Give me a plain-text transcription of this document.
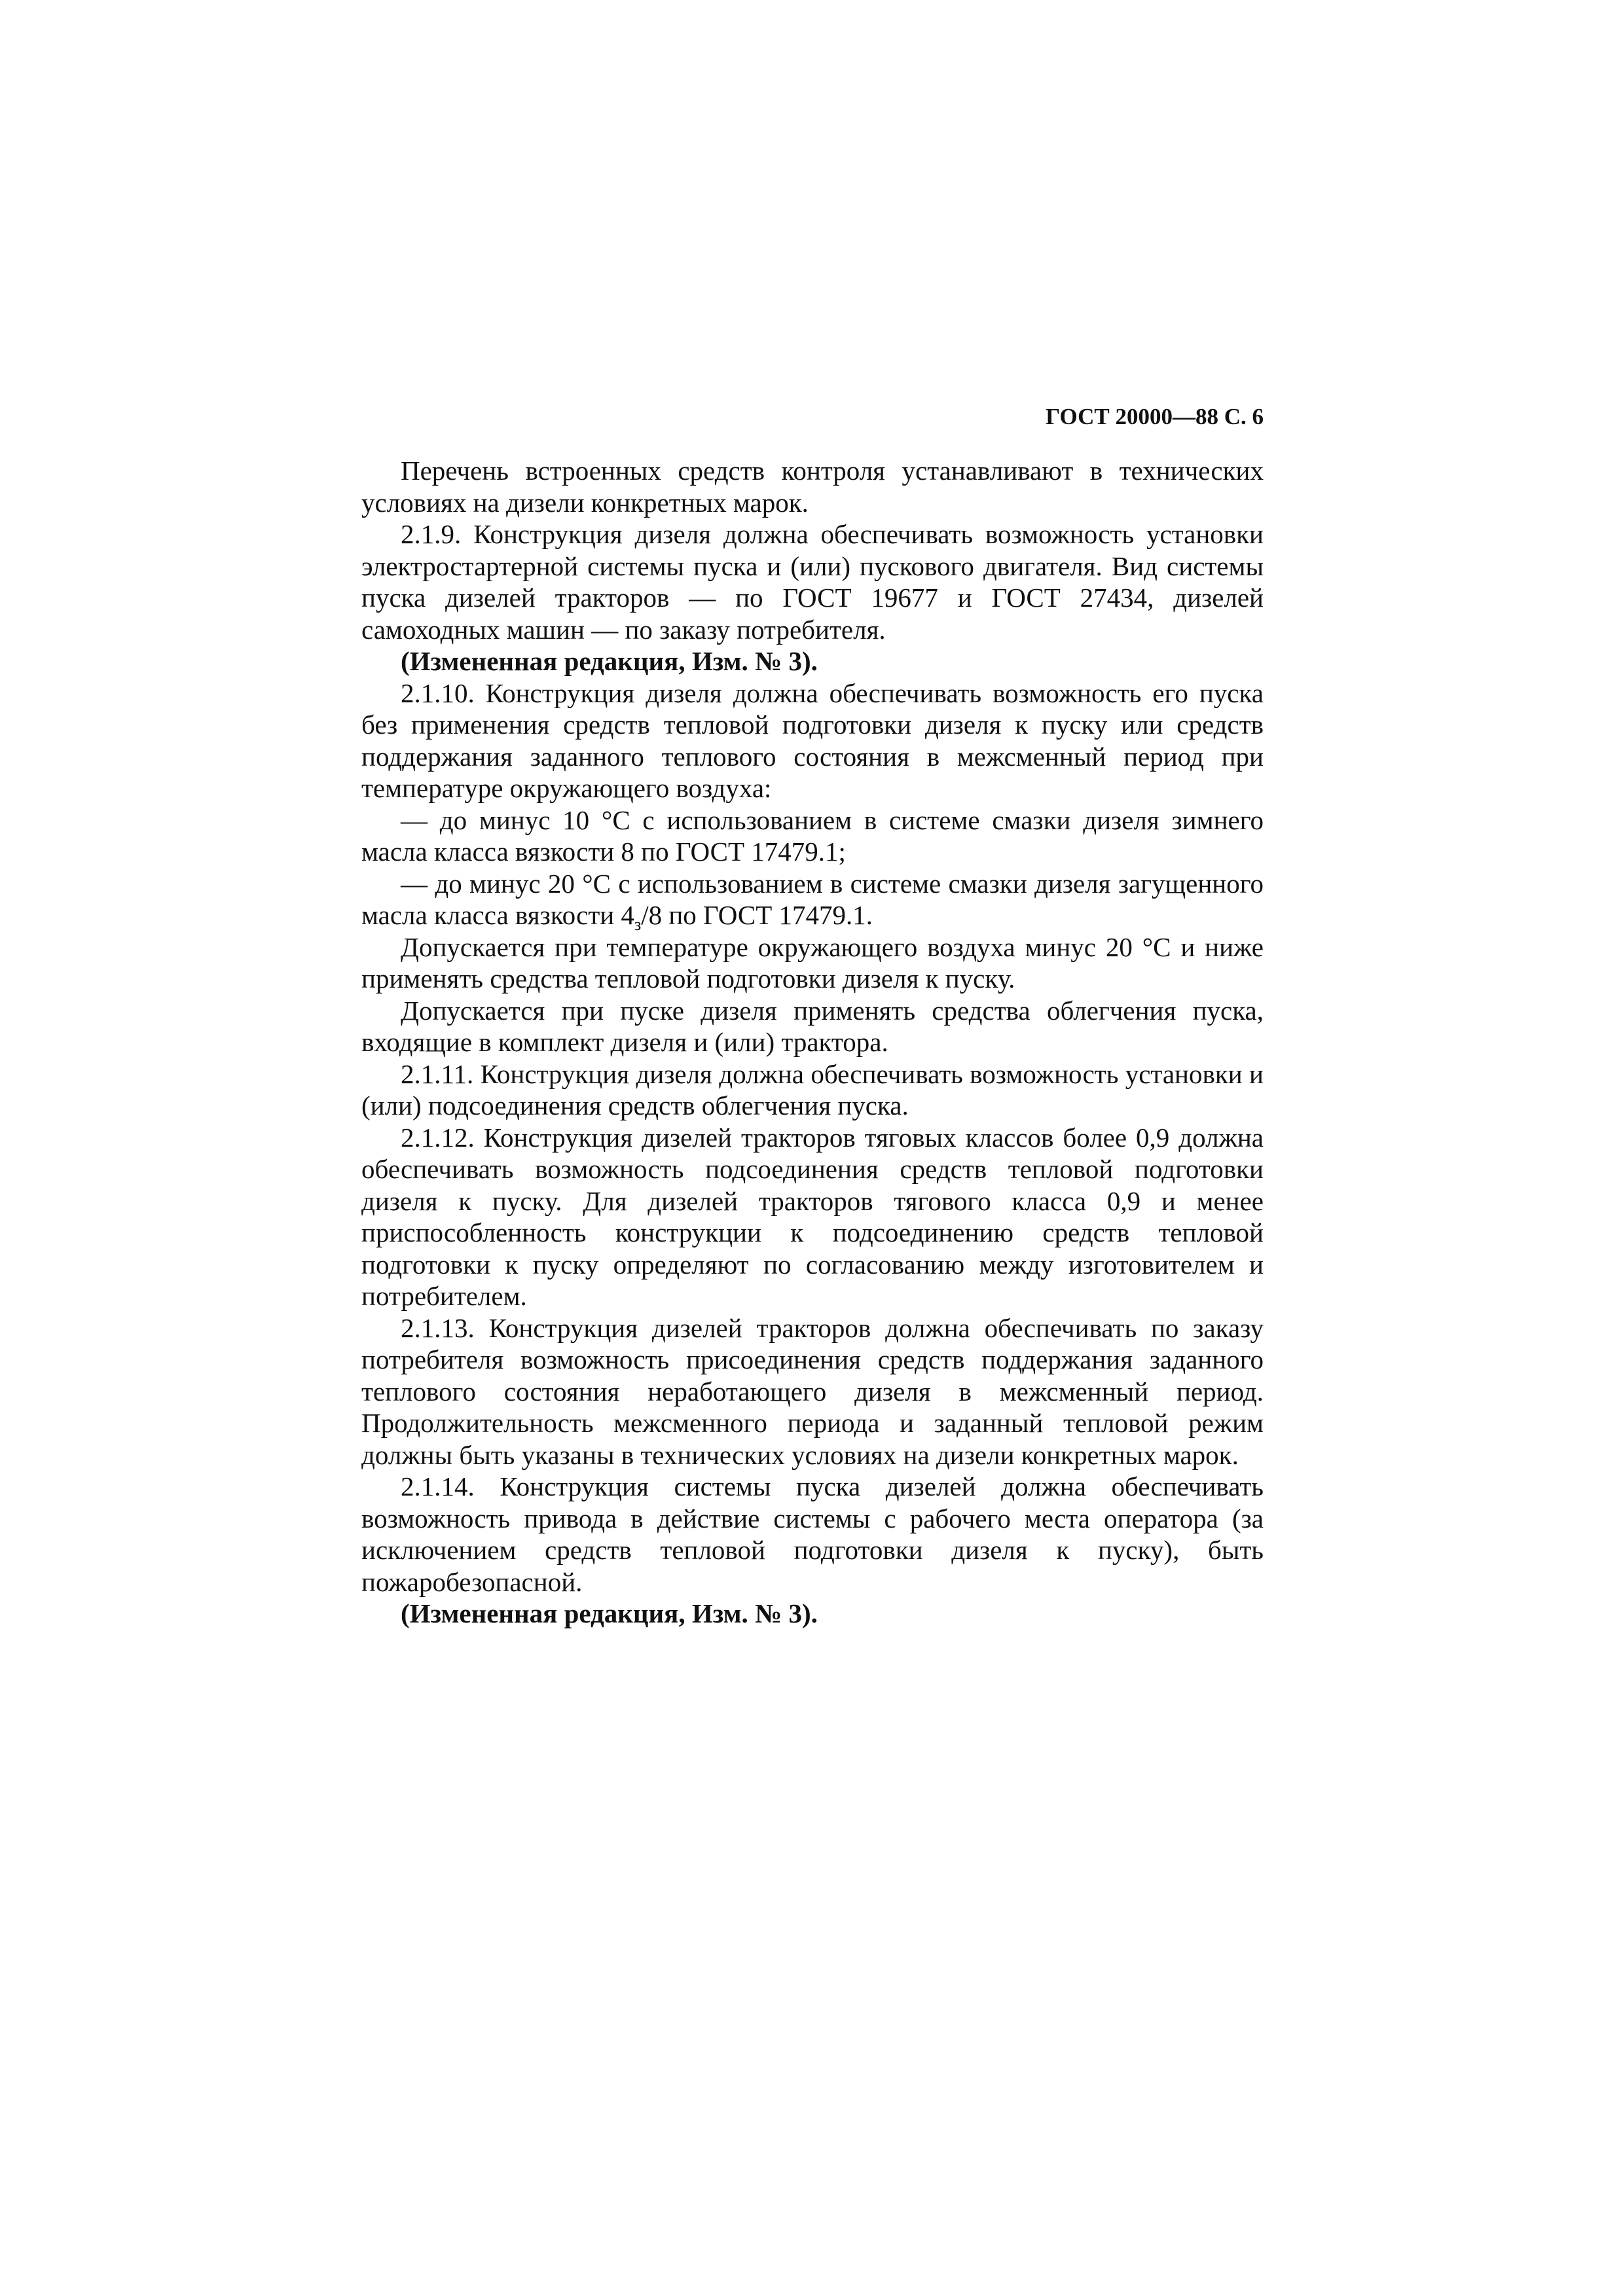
ГОСТ 20000—88 С. 6

Перечень встроенных средств контроля устанавливают в технических условиях на дизели конкретных марок.

2.1.9. Конструкция дизеля должна обеспечивать возможность установки электростартерной системы пуска и (или) пускового двигателя. Вид системы пуска дизелей тракторов — по ГОСТ 19677 и ГОСТ 27434, дизелей самоходных машин — по заказу потребителя.

(Измененная редакция, Изм. № 3).

2.1.10. Конструкция дизеля должна обеспечивать возможность его пуска без применения средств тепловой подготовки дизеля к пуску или средств поддержания заданного теплового состояния в межсменный период при температуре окружающего воздуха:

— до минус 10 °С с использованием в системе смазки дизеля зимнего масла класса вязкости 8 по ГОСТ 17479.1;

— до минус 20 °С с использованием в системе смазки дизеля загущенного масла класса вязкости $4_з/8$ по ГОСТ 17479.1.

Допускается при температуре окружающего воздуха минус 20 °С и ниже применять средства тепловой подготовки дизеля к пуску.

Допускается при пуске дизеля применять средства облегчения пуска, входящие в комплект дизеля и (или) трактора.

2.1.11. Конструкция дизеля должна обеспечивать возможность установки и (или) подсоединения средств облегчения пуска.

2.1.12. Конструкция дизелей тракторов тяговых классов более 0,9 должна обеспечивать возможность подсоединения средств тепловой подготовки дизеля к пуску. Для дизелей тракторов тягового класса 0,9 и менее приспособленность конструкции к подсоединению средств тепловой подготовки к пуску определяют по согласованию между изготовителем и потребителем.

2.1.13. Конструкция дизелей тракторов должна обеспечивать по заказу потребителя возможность присоединения средств поддержания заданного теплового состояния неработающего дизеля в межсменный период. Продолжительность межсменного периода и заданный тепловой режим должны быть указаны в технических условиях на дизели конкретных марок.

2.1.14. Конструкция системы пуска дизелей должна обеспечивать возможность привода в действие системы с рабочего места оператора (за исключением средств тепловой подготовки дизеля к пуску), быть пожаробезопасной.

(Измененная редакция, Изм. № 3).
